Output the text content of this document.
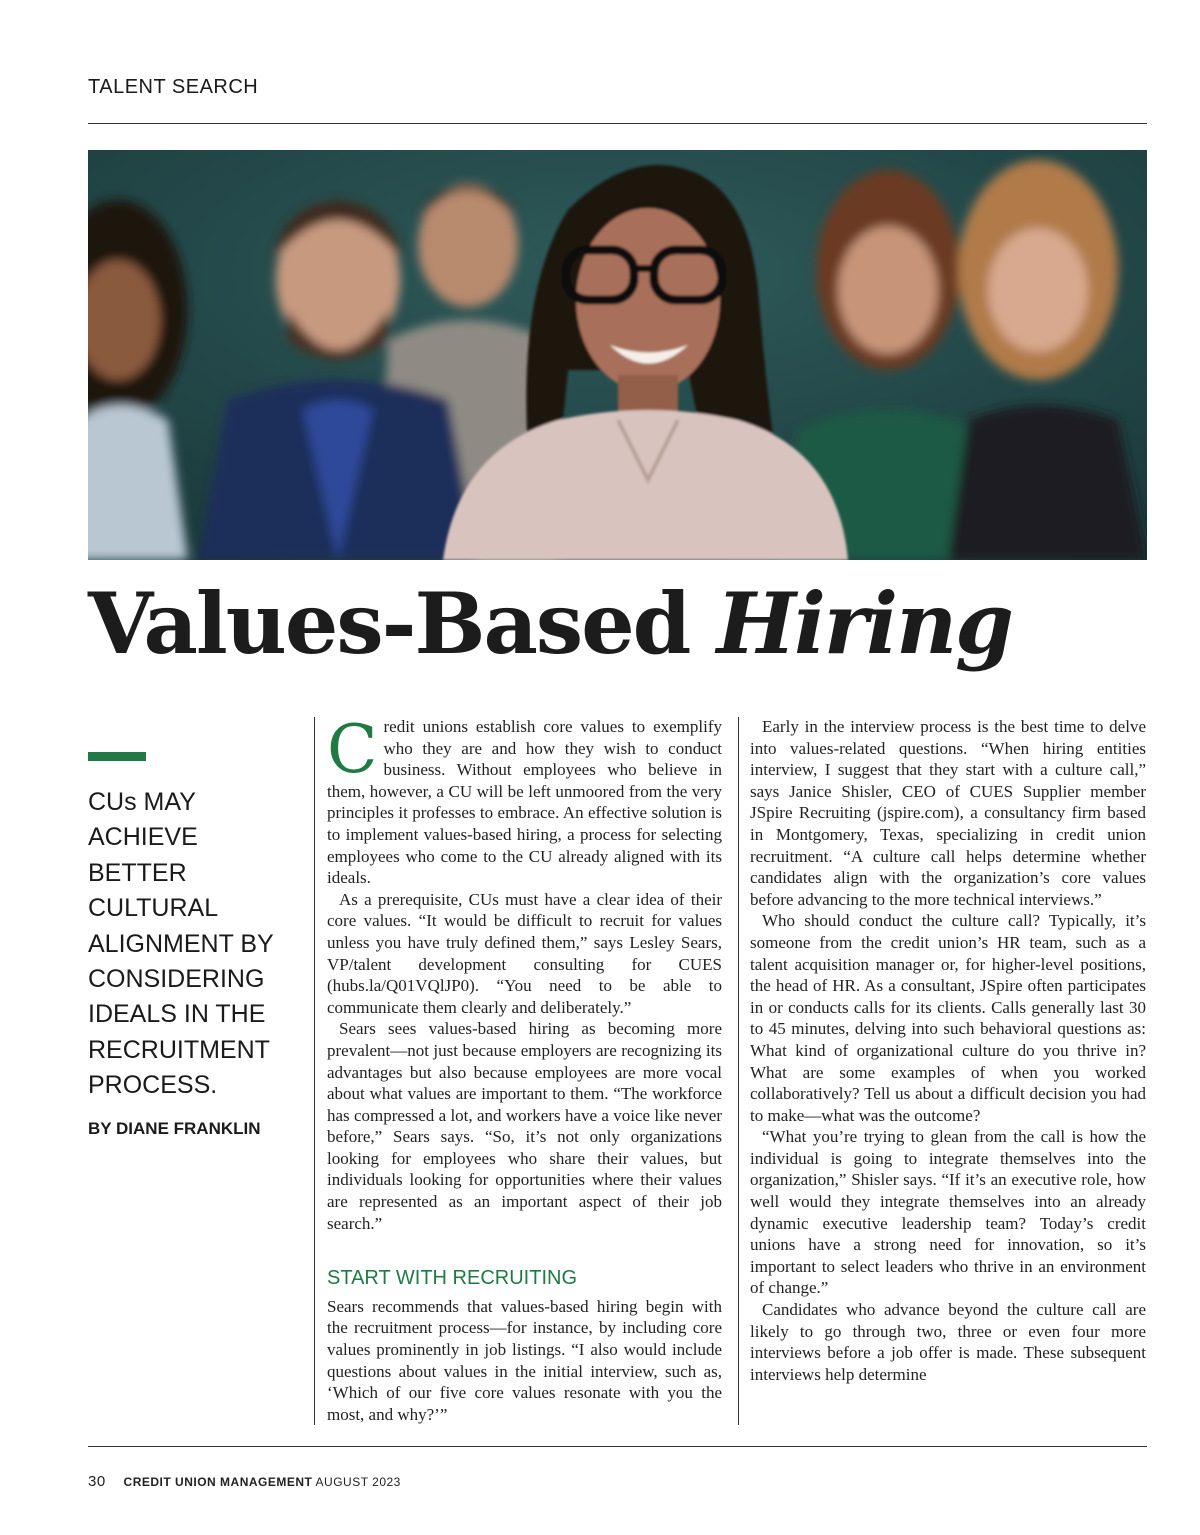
TALENT SEARCH
Values-Based Hiring

CUs MAY ACHIEVE BETTER CULTURAL ALIGNMENT BY CONSIDERING IDEALS IN THE RECRUITMENT PROCESS.

BY DIANE FRANKLIN

Credit unions establish core values to exemplify who they are and how they wish to conduct business. Without employees who believe in them, however, a CU will be left unmoored from the very principles it professes to embrace. An effective solution is to implement values-based hiring, a process for selecting employees who come to the CU already aligned with its ideals.

As a prerequisite, CUs must have a clear idea of their core values. “It would be difficult to recruit for values unless you have truly defined them,” says Lesley Sears, VP/talent development consulting for CUES (hubs.la/Q01VQlJP0). “You need to be able to communicate them clearly and deliberately.”

Sears sees values-based hiring as becoming more prevalent—not just because employers are recognizing its advantages but also because employees are more vocal about what values are important to them. “The workforce has compressed a lot, and workers have a voice like never before,” Sears says. “So, it’s not only organizations looking for employees who share their values, but individuals looking for opportunities where their values are represented as an important aspect of their job search.”

START WITH RECRUITING

Sears recommends that values-based hiring begin with the recruitment process—for instance, by including core values prominently in job listings. “I also would include questions about values in the initial interview, such as, ‘Which of our five core values resonate with you the most, and why?’”

Early in the interview process is the best time to delve into values-related questions. “When hiring entities interview, I suggest that they start with a culture call,” says Janice Shisler, CEO of CUES Supplier member JSpire Recruiting (jspire.com), a consultancy firm based in Montgomery, Texas, specializing in credit union recruitment. “A culture call helps determine whether candidates align with the organization’s core values before advancing to the more technical interviews.”

Who should conduct the culture call? Typically, it’s someone from the credit union’s HR team, such as a talent acquisition manager or, for higher-level positions, the head of HR. As a consultant, JSpire often participates in or conducts calls for its clients. Calls generally last 30 to 45 minutes, delving into such behavioral questions as: What kind of organizational culture do you thrive in? What are some examples of when you worked collaboratively? Tell us about a difficult decision you had to make—what was the outcome?

“What you’re trying to glean from the call is how the individual is going to integrate themselves into the organization,” Shisler says. “If it’s an executive role, how well would they integrate themselves into an already dynamic executive leadership team? Today’s credit unions have a strong need for innovation, so it’s important to select leaders who thrive in an environment of change.”

Candidates who advance beyond the culture call are likely to go through two, three or even four more interviews before a job offer is made. These subsequent interviews help determine

30 CREDIT UNION MANAGEMENT AUGUST 2023
